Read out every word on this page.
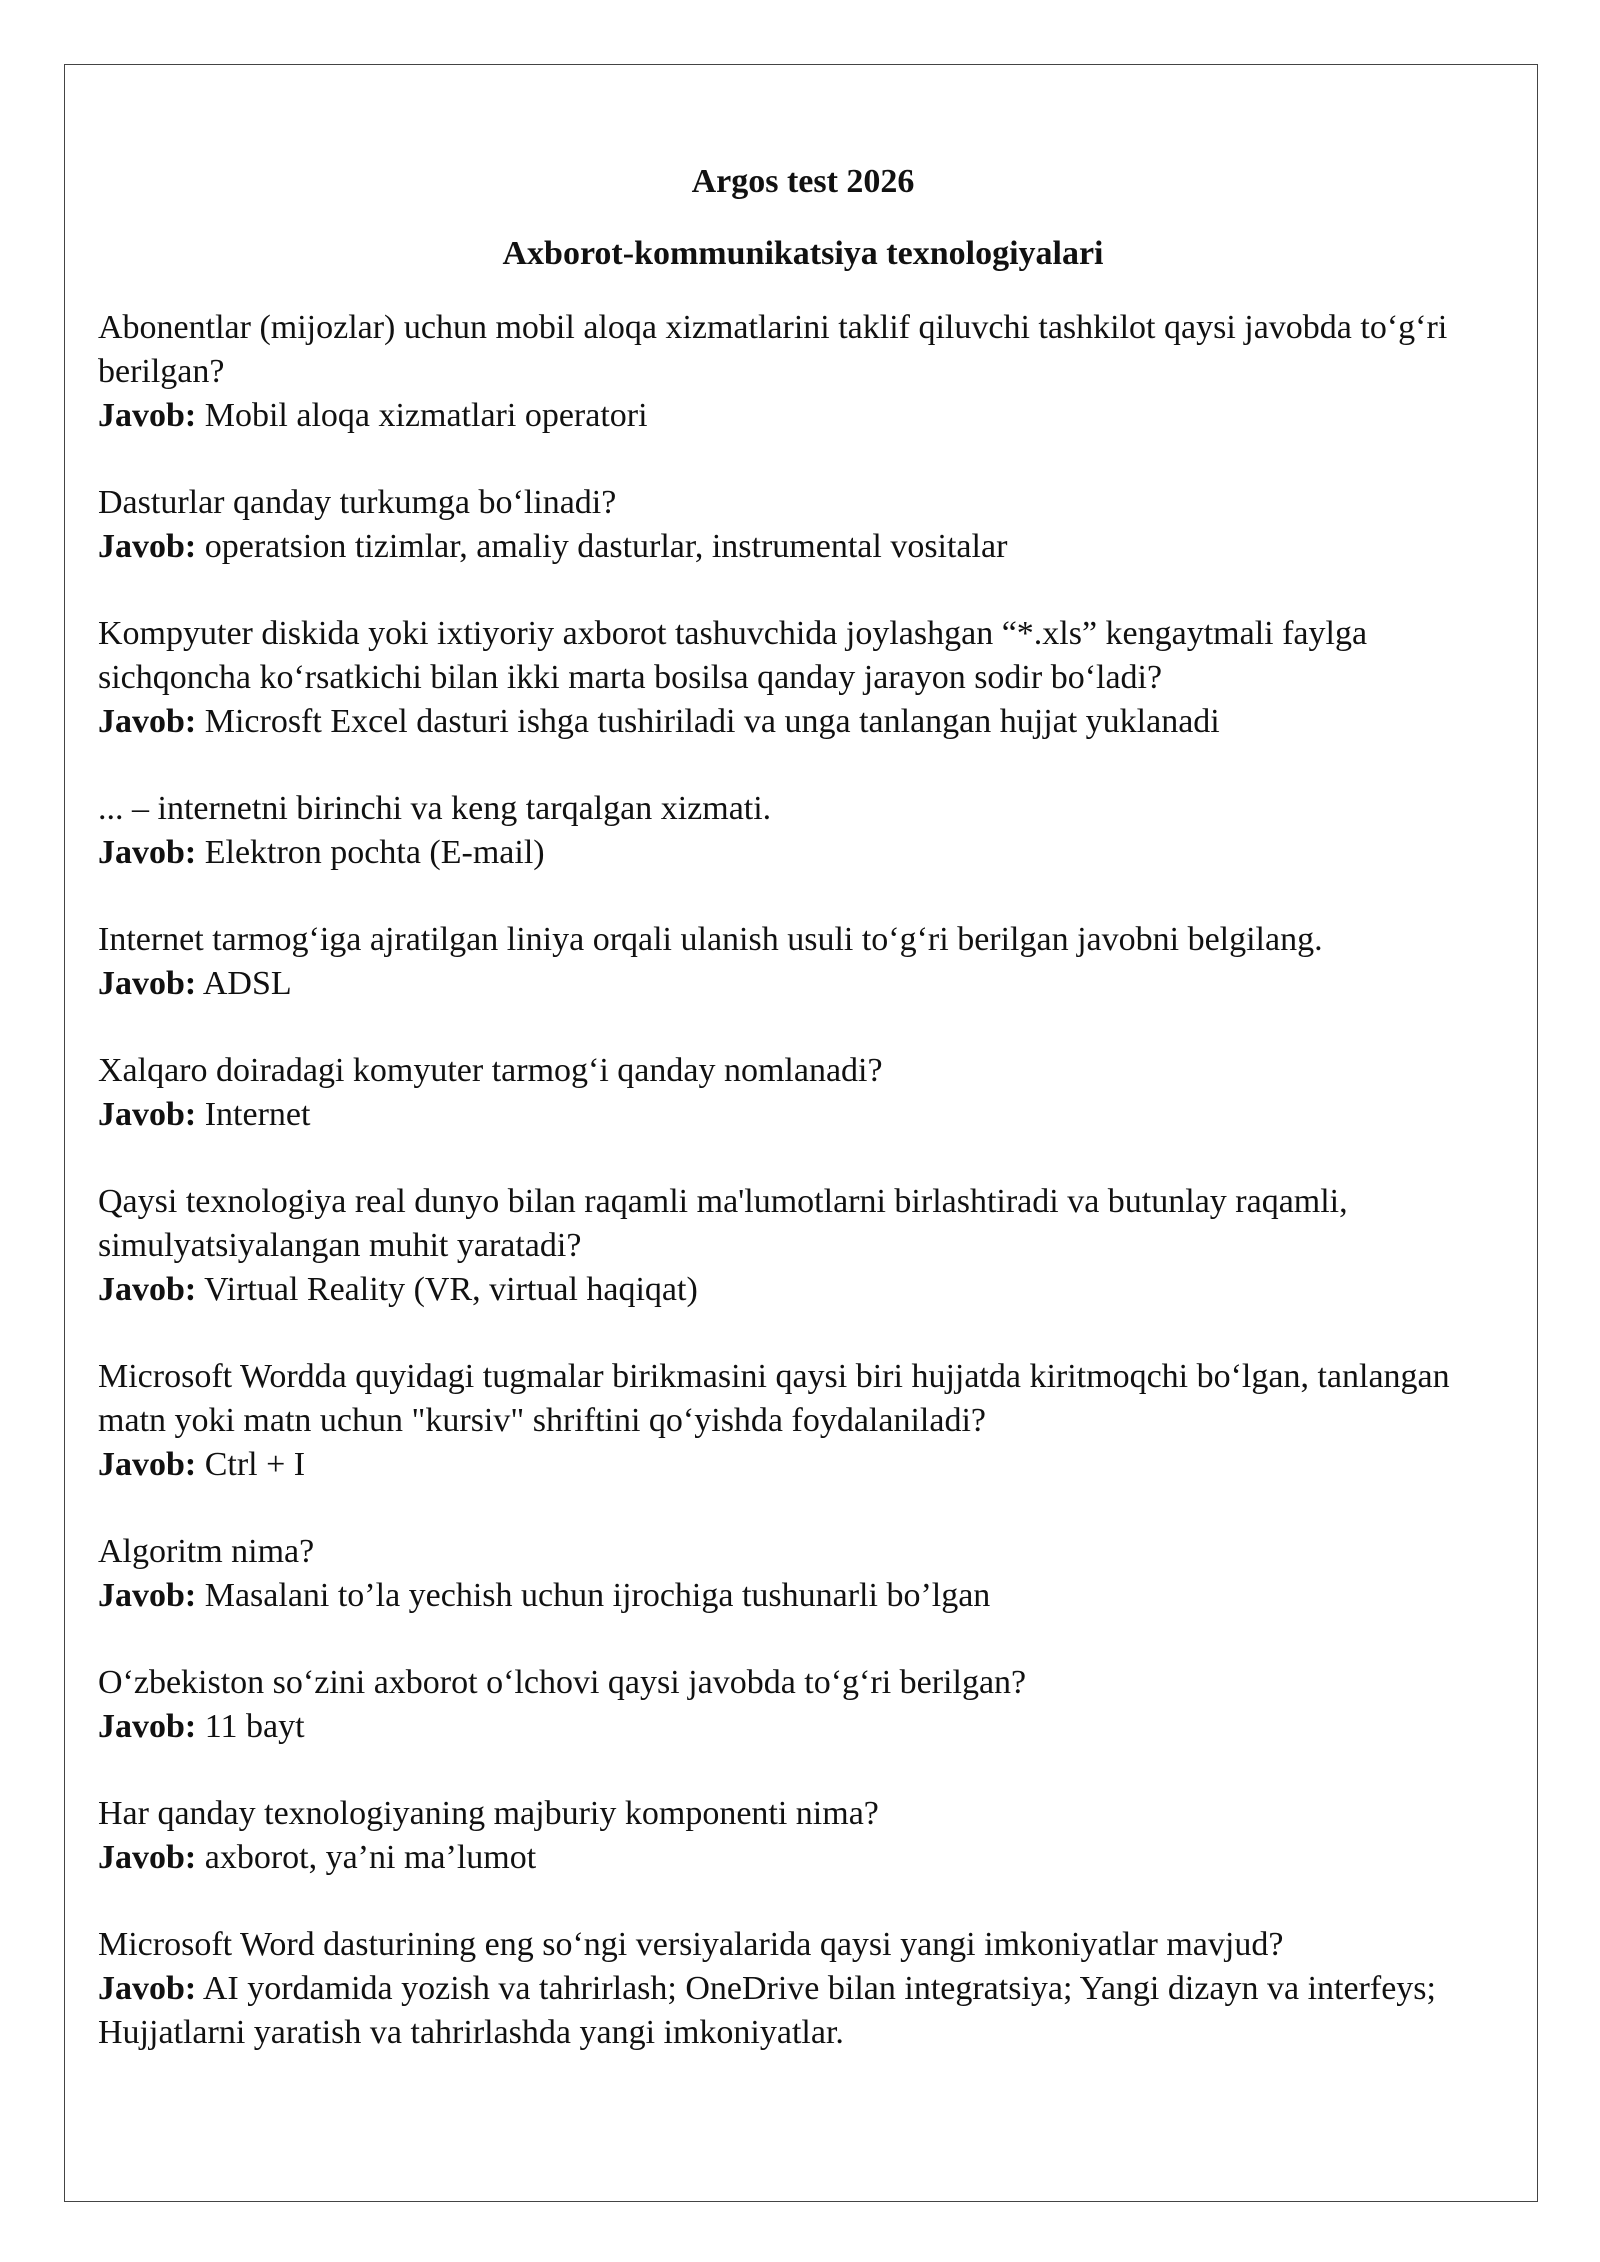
Argos test 2026

Axborot-kommunikatsiya texnologiyalari

Abonentlar (mijozlar) uchun mobil aloqa xizmatlarini taklif qiluvchi tashkilot qaysi javobda to‘g‘ri berilgan?

Javob: Mobil aloqa xizmatlari operatori

Dasturlar qanday turkumga bo‘linadi?

Javob: operatsion tizimlar, amaliy dasturlar, instrumental vositalar

Kompyuter diskida yoki ixtiyoriy axborot tashuvchida joylashgan “*.xls” kengaytmali faylga sichqoncha ko‘rsatkichi bilan ikki marta bosilsa qanday jarayon sodir bo‘ladi?

Javob: Microsft Excel dasturi ishga tushiriladi va unga tanlangan hujjat yuklanadi

... – internetni birinchi va keng tarqalgan xizmati.

Javob: Elektron pochta (E-mail)

Internet tarmog‘iga ajratilgan liniya orqali ulanish usuli to‘g‘ri berilgan javobni belgilang.

Javob: ADSL

Xalqaro doiradagi komyuter tarmog‘i qanday nomlanadi?

Javob: Internet

Qaysi texnologiya real dunyo bilan raqamli ma'lumotlarni birlashtiradi va butunlay raqamli, simulyatsiyalangan muhit yaratadi?

Javob: Virtual Reality (VR, virtual haqiqat)

Microsoft Wordda quyidagi tugmalar birikmasini qaysi biri hujjatda kiritmoqchi bo‘lgan, tanlangan matn yoki matn uchun "kursiv" shriftini qo‘yishda foydalaniladi?

Javob: Ctrl + I

Algoritm nima?

Javob: Masalani to’la yechish uchun ijrochiga tushunarli bo’lgan

O‘zbekiston so‘zini axborot o‘lchovi qaysi javobda to‘g‘ri berilgan?

Javob: 11 bayt

Har qanday texnologiyaning majburiy komponenti nima?

Javob: axborot, ya’ni ma’lumot

Microsoft Word dasturining eng so‘ngi versiyalarida qaysi yangi imkoniyatlar mavjud?

Javob: AI yordamida yozish va tahrirlash; OneDrive bilan integratsiya; Yangi dizayn va interfeys; Hujjatlarni yaratish va tahrirlashda yangi imkoniyatlar.
